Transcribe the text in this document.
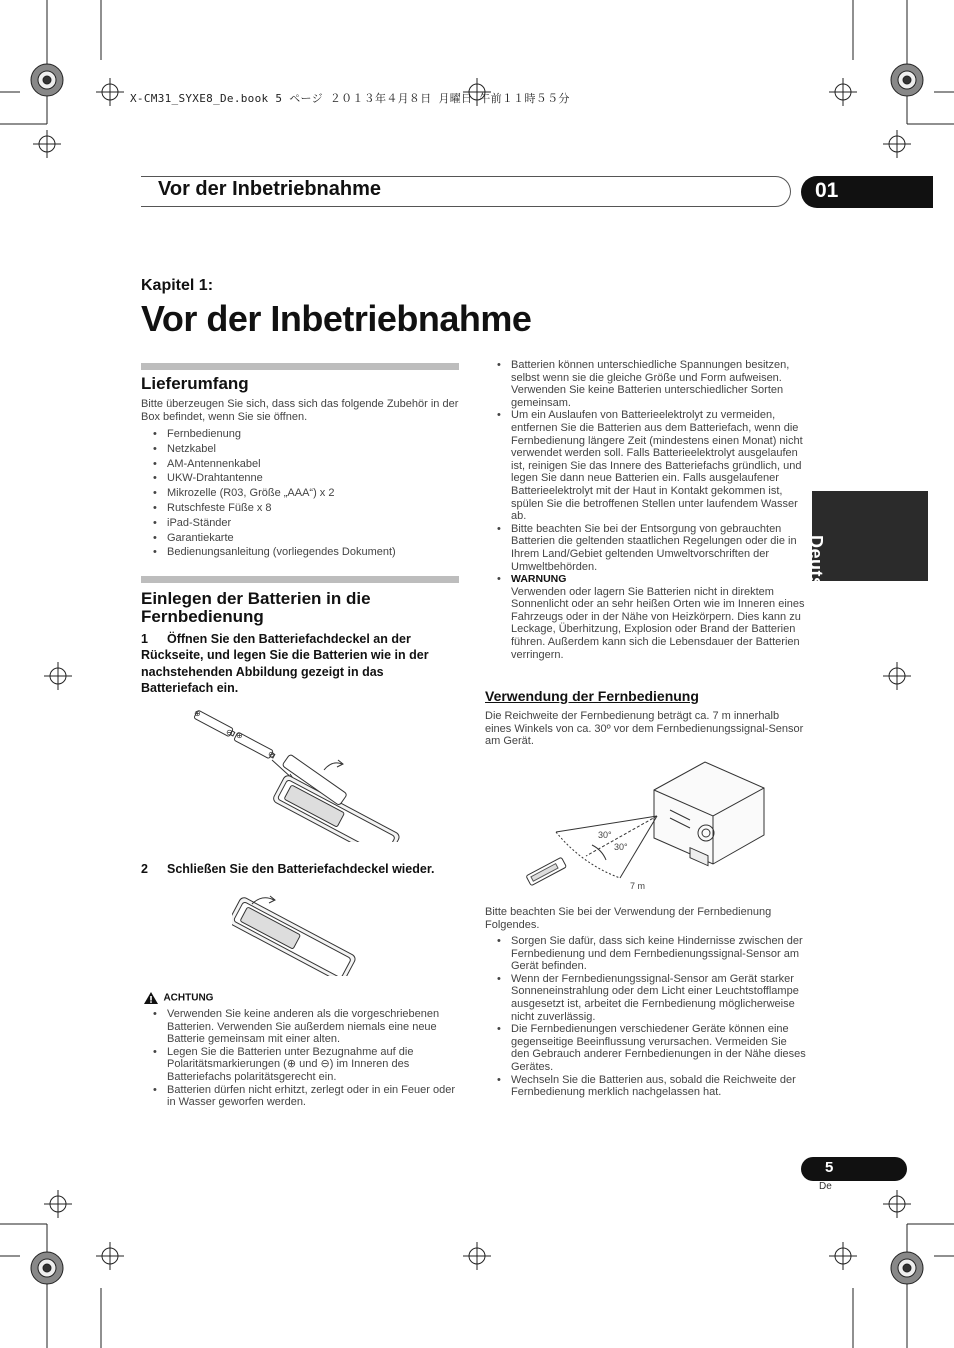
X-CM31_SYXE8_De.book 5 ページ ２０１３年４月８日 月曜日 午前１１時５５分
Vor der Inbetriebnahme	01
Deutsch
Kapitel 1:
Vor der Inbetriebnahme
Lieferumfang
Bitte überzeugen Sie sich, dass sich das folgende Zubehör in der Box befindet, wenn Sie sie öffnen.
• Fernbedienung
• Netzkabel
• AM-Antennenkabel
• UKW-Drahtantenne
• Mikrozelle (R03, Größe „AAA“) x 2
• Rutschfeste Füße x 8
• iPad-Ständer
• Garantiekarte
• Bedienungsanleitung (vorliegendes Dokument)
Einlegen der Batterien in die
Fernbedienung
1 Öffnen Sie den Batteriefachdeckel an der
Rückseite, und legen Sie die Batterien wie in der
nachstehenden Abbildung gezeigt in das
Batteriefach ein.
⊕
⊖ ⊕
⊖
2 Schließen Sie den Batteriefachdeckel wieder.
ACHTUNG
• Verwenden Sie keine anderen als die vorgeschriebenen Batterien. Verwenden Sie außerdem niemals eine neue Batterie gemeinsam mit einer alten.
• Legen Sie die Batterien unter Bezugnahme auf die Polaritätsmarkierungen (⊕ und ⊖) im Inneren des Batteriefachs polaritätsgerecht ein.
• Batterien dürfen nicht erhitzt, zerlegt oder in ein Feuer oder in Wasser geworfen werden.
• Batterien können unterschiedliche Spannungen besitzen, selbst wenn sie die gleiche Größe und Form aufweisen. Verwenden Sie keine Batterien unterschiedlicher Sorten gemeinsam.
• Um ein Auslaufen von Batterieelektrolyt zu vermeiden, entfernen Sie die Batterien aus dem Batteriefach, wenn die Fernbedienung längere Zeit (mindestens einen Monat) nicht verwendet werden soll. Falls Batterieelektrolyt ausgelaufen ist, reinigen Sie das Innere des Batteriefachs gründlich, und legen Sie dann neue Batterien ein. Falls ausgelaufener Batterieelektrolyt mit der Haut in Kontakt gekommen ist, spülen Sie die betroffenen Stellen unter laufendem Wasser ab.
• Bitte beachten Sie bei der Entsorgung von gebrauchten Batterien die geltenden staatlichen Regelungen oder die in Ihrem Land/Gebiet geltenden Umweltvorschriften der Umweltbehörden.
• WARNUNG
Verwenden oder lagern Sie Batterien nicht in direktem Sonnenlicht oder an sehr heißen Orten wie im Inneren eines Fahrzeugs oder in der Nähe von Heizkörpern. Dies kann zu Leckage, Überhitzung, Explosion oder Brand der Batterien führen. Außerdem kann sich die Lebensdauer der Batterien verringern.
Verwendung der Fernbedienung
Die Reichweite der Fernbedienung beträgt ca. 7 m innerhalb eines Winkels von ca. 30º vor dem Fernbedienungssignal-Sensor am Gerät.
30°
30°
7 m
Bitte beachten Sie bei der Verwendung der Fernbedienung Folgendes.
• Sorgen Sie dafür, dass sich keine Hindernisse zwischen der Fernbedienung und dem Fernbedienungssignal-Sensor am Gerät befinden.
• Wenn der Fernbedienungssignal-Sensor am Gerät starker Sonneneinstrahlung oder dem Licht einer Leuchtstofflampe ausgesetzt ist, arbeitet die Fernbedienung möglicherweise nicht zuverlässig.
• Die Fernbedienungen verschiedener Geräte können eine gegenseitige Beeinflussung verursachen. Vermeiden Sie den Gebrauch anderer Fernbedienungen in der Nähe dieses Gerätes.
• Wechseln Sie die Batterien aus, sobald die Reichweite der Fernbedienung merklich nachgelassen hat.
5
De
